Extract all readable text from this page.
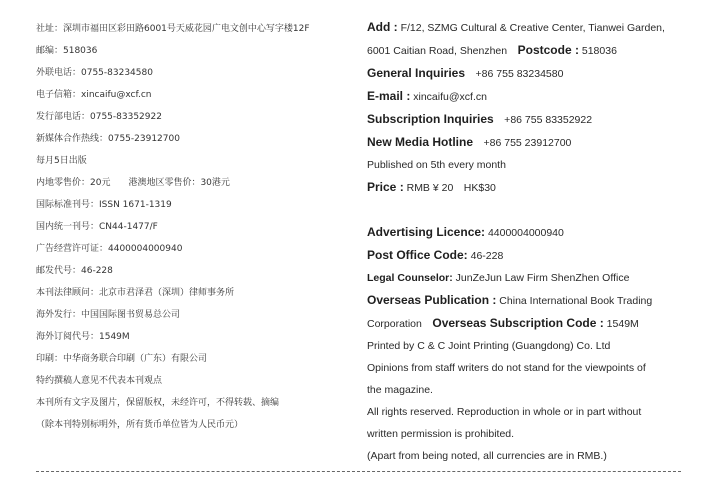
社址：深圳市福田区彩田路6001号天威花园广电文创中心写字楼12F
邮编：518036
外联电话：0755-83234580
电子信箱：xincaifu@xcf.cn
发行部电话：0755-83352922
新媒体合作热线：0755-23912700
每月5日出版
内地零售价：20元　　港澳地区零售价：30港元
国际标准刊号：ISSN 1671-1319
国内统一刊号：CN44-1477/F
广告经营许可证：4400004000940
邮发代号：46-228
本刊法律顾问：北京市君泽君（深圳）律师事务所
海外发行：中国国际图书贸易总公司
海外订阅代号：1549M
印刷：中华商务联合印刷（广东）有限公司
特约撰稿人意见不代表本刊观点
本刊所有文字及图片，保留版权，未经许可，不得转载、摘编
（除本刊特别标明外，所有货币单位皆为人民币元）
Add : F/12, SZMG Cultural & Creative Center, Tianwei Garden,
6001 Caitian Road, Shenzhen　Postcode : 518036
General Inquiries　+86 755 83234580
E-mail : xincaifu@xcf.cn
Subscription Inquiries　+86 755 83352922
New Media Hotline　+86 755 23912700
Published on 5th every month
Price : RMB ¥ 20　HK$30
Advertising Licence: 4400004000940
Post Office Code: 46-228
Legal Counselor: JunZeJun Law Firm ShenZhen Office
Overseas Publication : China International Book Trading
Corporation　Overseas Subscription Code : 1549M
Printed by C & C Joint Printing (Guangdong) Co. Ltd
Opinions from staff writers do not stand for the viewpoints of
the magazine.
All rights reserved. Reproduction in whole or in part without
written permission is prohibited.
(Apart from being noted, all currencies are in RMB.)
